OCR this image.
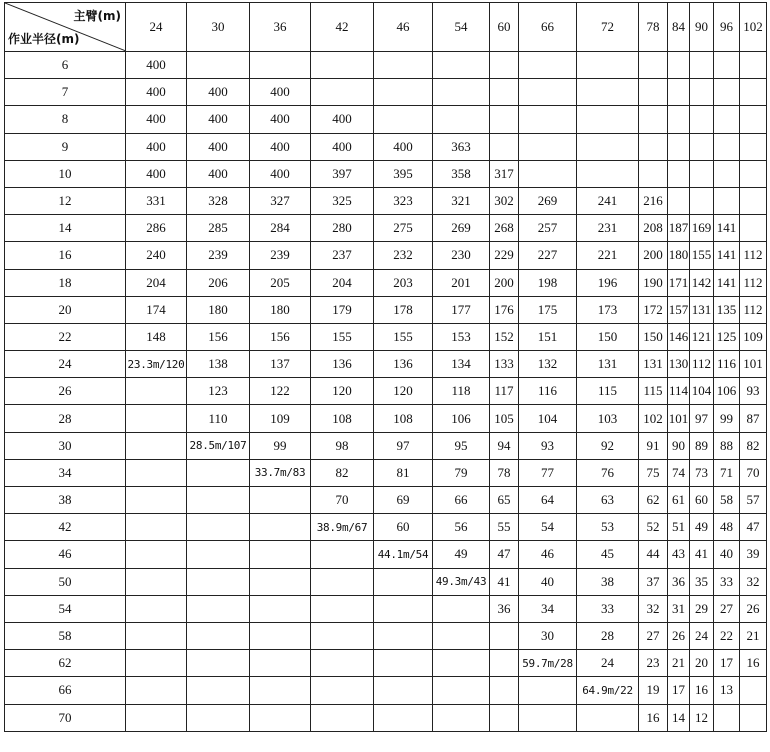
主臂(m)
作业半径(m)	24	30	36	42	46	54	60	66	72	78	84	90	96	102
6	400													
7	400	400	400											
8	400	400	400	400										
9	400	400	400	400	400	363								
10	400	400	400	397	395	358	317							
12	331	328	327	325	323	321	302	269	241	216				
14	286	285	284	280	275	269	268	257	231	208	187	169	141	
16	240	239	239	237	232	230	229	227	221	200	180	155	141	112
18	204	206	205	204	203	201	200	198	196	190	171	142	141	112
20	174	180	180	179	178	177	176	175	173	172	157	131	135	112
22	148	156	156	155	155	153	152	151	150	150	146	121	125	109
24	23.3m/120	138	137	136	136	134	133	132	131	131	130	112	116	101
26		123	122	120	120	118	117	116	115	115	114	104	106	93
28		110	109	108	108	106	105	104	103	102	101	97	99	87
30		28.5m/107	99	98	97	95	94	93	92	91	90	89	88	82
34			33.7m/83	82	81	79	78	77	76	75	74	73	71	70
38				70	69	66	65	64	63	62	61	60	58	57
42				38.9m/67	60	56	55	54	53	52	51	49	48	47
46					44.1m/54	49	47	46	45	44	43	41	40	39
50						49.3m/43	41	40	38	37	36	35	33	32
54							36	34	33	32	31	29	27	26
58								30	28	27	26	24	22	21
62								59.7m/28	24	23	21	20	17	16
66									64.9m/22	19	17	16	13	
70										16	14	12		
